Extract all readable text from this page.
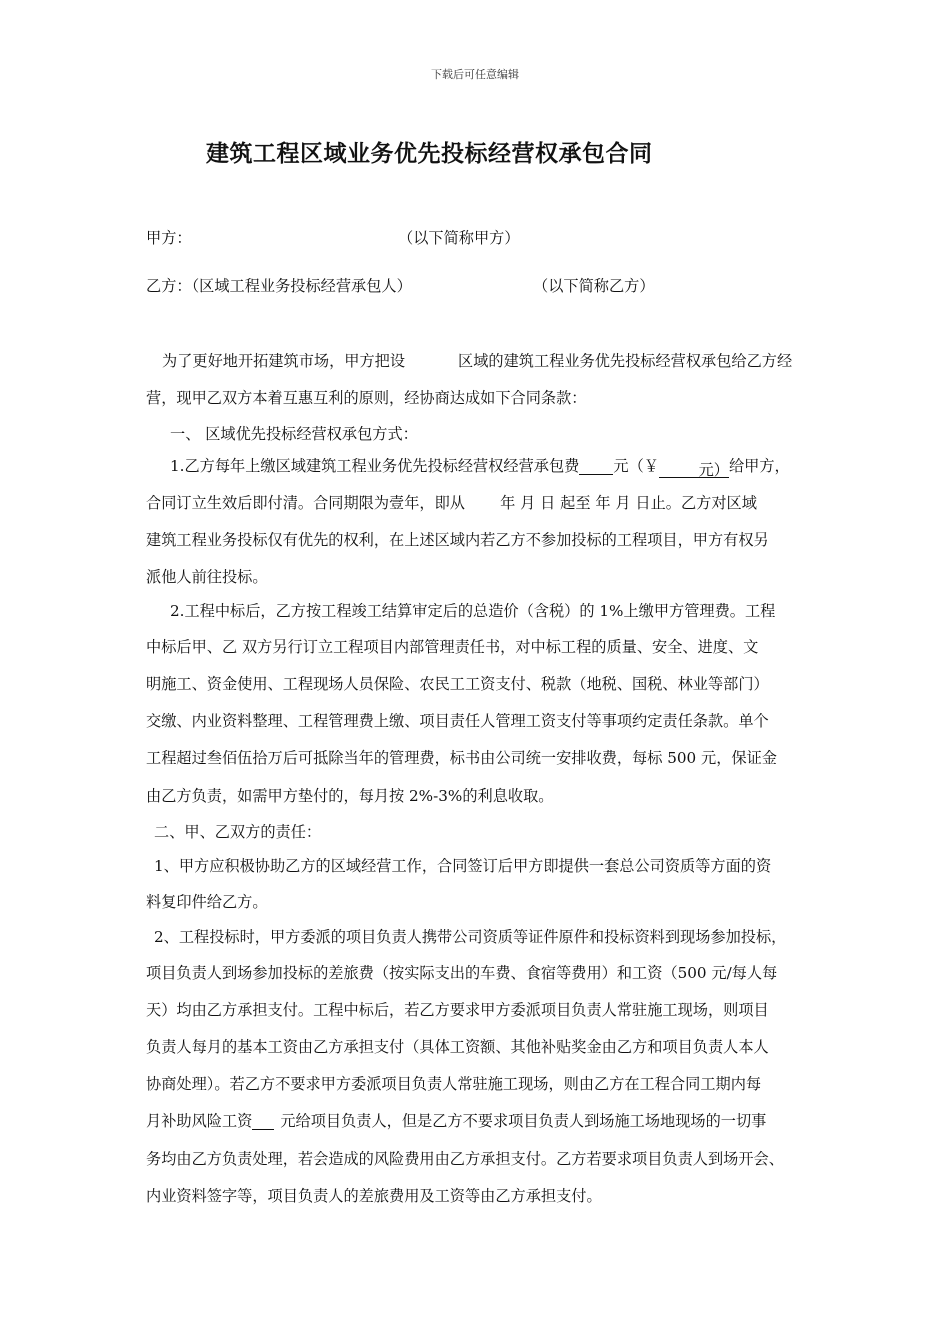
下载后可任意编辑
建筑工程区域业务优先投标经营权承包合同
甲方：	（以下简称甲方）
乙方：（区域工程业务投标经营承包人）	（以下简称乙方）
为了更好地开拓建筑市场，甲方把设	区域的建筑工程业务优先投标经营权承包给乙方经
营，现甲乙双方本着互惠互利的原则，经协商达成如下合同条款：
一、 区域优先投标经营权承包方式：
1.乙方每年上缴区域建筑工程业务优先投标经营权经营承包费 元（￥	元）给甲方，
合同订立生效后即付清。合同期限为壹年，即从　　 年 月 日 起至 年 月 日止。乙方对区域
建筑工程业务投标仅有优先的权利，在上述区域内若乙方不参加投标的工程项目，甲方有权另
派他人前往投标。
2.工程中标后，乙方按工程竣工结算审定后的总造价（含税）的 1%上缴甲方管理费。工程
中标后甲、乙 双方另行订立工程项目内部管理责任书，对中标工程的质量、安全、进度、文
明施工、资金使用、工程现场人员保险、农民工工资支付、税款（地税、国税、林业等部门）
交缴、内业资料整理、工程管理费上缴、项目责任人管理工资支付等事项约定责任条款。单个
工程超过叁佰伍拾万后可抵除当年的管理费，标书由公司统一安排收费，每标 500 元，保证金
由乙方负责，如需甲方垫付的，每月按 2%-3%的利息收取。
二、甲、乙双方的责任：
1、甲方应积极协助乙方的区域经营工作，合同签订后甲方即提供一套总公司资质等方面的资
料复印件给乙方。
2、工程投标时，甲方委派的项目负责人携带公司资质等证件原件和投标资料到现场参加投标，
项目负责人到场参加投标的差旅费（按实际支出的车费、食宿等费用）和工资（500 元/每人每
天）均由乙方承担支付。工程中标后，若乙方要求甲方委派项目负责人常驻施工现场，则项目
负责人每月的基本工资由乙方承担支付（具体工资额、其他补贴奖金由乙方和项目负责人本人
协商处理）。若乙方不要求甲方委派项目负责人常驻施工现场，则由乙方在工程合同工期内每
月补助风险工资 元给项目负责人，但是乙方不要求项目负责人到场施工场地现场的一切事
务均由乙方负责处理，若会造成的风险费用由乙方承担支付。乙方若要求项目负责人到场开会、
内业资料签字等，项目负责人的差旅费用及工资等由乙方承担支付。
